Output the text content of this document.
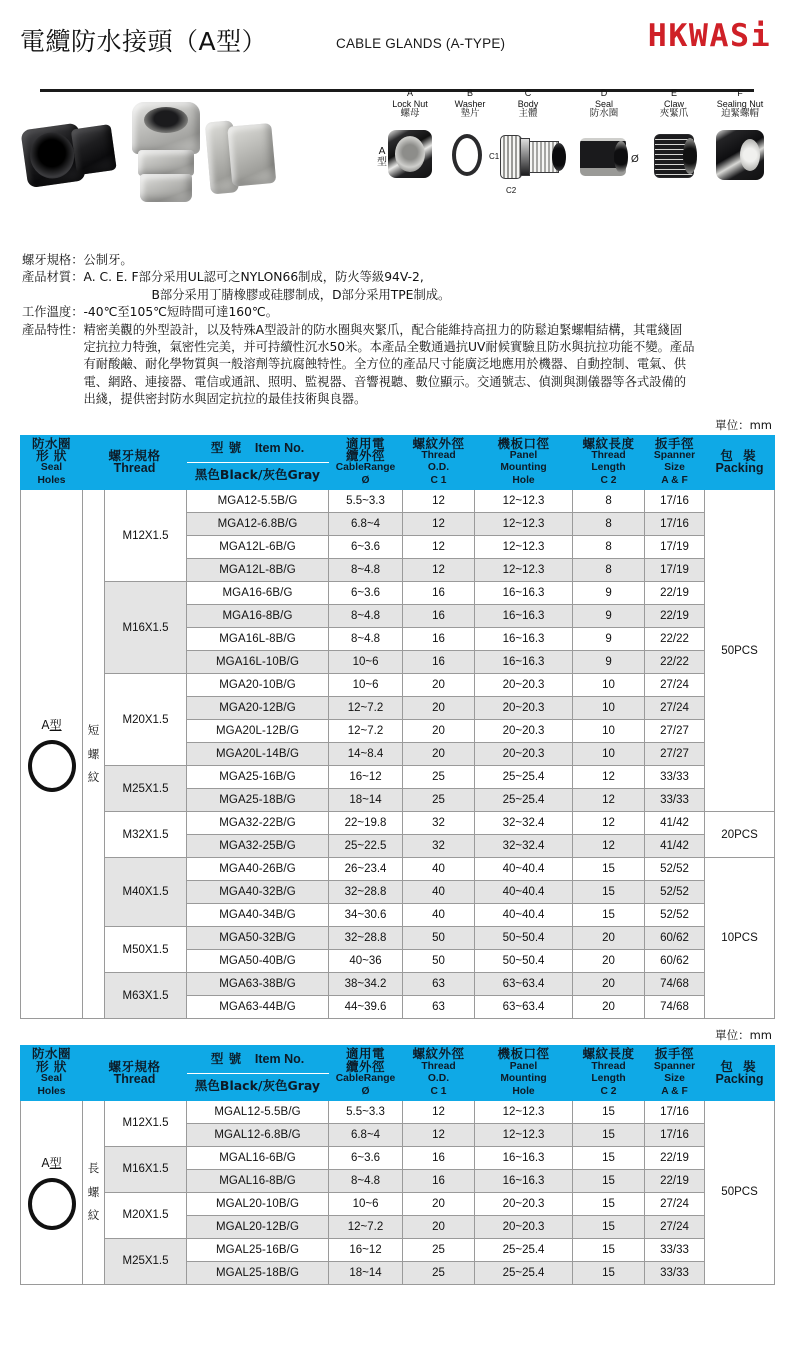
電纜防水接頭（A型）	CABLE GLANDS (A-TYPE)	HKWASi
A
型
A
Lock Nut
螺母
B
Washer
墊片
C
Body
主體
C1
C2
D
Seal
防水圈
Ø
E
Claw
夾緊爪
F
Sealing Nut
迫緊螺帽
螺牙規格：公制牙。
產品材質： A. C. E. F部分采用UL認可之NYLON66制成，防火等級94V-2,

B部分采用丁腈橡膠或硅膠制成，D部分采用TPE制成。

工作溫度：-40℃至105℃短時間可達160℃。
產品特性： 精密美觀的外型設計，以及特殊A型設計的防水圈與夾緊爪，配合能維持高扭力的防鬆迫緊螺帽結構，其電綫固

定抗拉力特強，氣密性完美，并可持續性沉水50米。本產品全數通過抗UV耐候實驗且防水與抗拉功能不變。產品

有耐酸鹼、耐化學物質與一般溶劑等抗腐蝕特性。全方位的產品尺寸能廣泛地應用於機器、自動控制、電氣、供

電、網路、連接器、電信或通訊、照明、監視器、音響視聽、數位顯示。交通號志、偵測與測儀器等各式設備的

出綫，提供密封防水與固定抗拉的最佳技術與良器。

單位：mm
防水圈
形 狀
Seal
Holes

螺牙規格
Thread
	型 號 Item No.	適用電
纜外徑
CableRange
Ø

螺紋外徑
Thread
O.D.
C 1

機板口徑
Panel
Mounting
Hole

螺紋長度
Thread
Length
C 2

扳手徑
Spanner
Size
A & F

包 裝
Packing

			黑色Black/灰色Gray						

A型	短
螺
紋	M12X1.5	MGA12-5.5B/G	5.5~3.3	12	12~12.3	8	17/16	50PCS
			MGA12-6.8B/G	6.8~4	12	12~12.3	8	17/16	
			MGA12L-6B/G	6~3.6	12	12~12.3	8	17/19	
			MGA12L-8B/G	8~4.8	12	12~12.3	8	17/19	
		M16X1.5	MGA16-6B/G	6~3.6	16	16~16.3	9	22/19	
			MGA16-8B/G	8~4.8	16	16~16.3	9	22/19	
			MGA16L-8B/G	8~4.8	16	16~16.3	9	22/22	
			MGA16L-10B/G	10~6	16	16~16.3	9	22/22	
		M20X1.5	MGA20-10B/G	10~6	20	20~20.3	10	27/24	
			MGA20-12B/G	12~7.2	20	20~20.3	10	27/24	
			MGA20L-12B/G	12~7.2	20	20~20.3	10	27/27	
			MGA20L-14B/G	14~8.4	20	20~20.3	10	27/27	
		M25X1.5	MGA25-16B/G	16~12	25	25~25.4	12	33/33	
			MGA25-18B/G	18~14	25	25~25.4	12	33/33	
		M32X1.5	MGA32-22B/G	22~19.8	32	32~32.4	12	41/42	20PCS
			MGA32-25B/G	25~22.5	32	32~32.4	12	41/42	
		M40X1.5	MGA40-26B/G	26~23.4	40	40~40.4	15	52/52	10PCS
			MGA40-32B/G	32~28.8	40	40~40.4	15	52/52	
			MGA40-34B/G	34~30.6	40	40~40.4	15	52/52	
		M50X1.5	MGA50-32B/G	32~28.8	50	50~50.4	20	60/62	
			MGA50-40B/G	40~36	50	50~50.4	20	60/62	
		M63X1.5	MGA63-38B/G	38~34.2	63	63~63.4	20	74/68	
			MGA63-44B/G	44~39.6	63	63~63.4	20	74/68	
單位：mm
防水圈
形 狀
Seal
Holes

螺牙規格
Thread
	型 號 Item No.	適用電
纜外徑
CableRange
Ø

螺紋外徑
Thread
O.D.
C 1

機板口徑
Panel
Mounting
Hole

螺紋長度
Thread
Length
C 2

扳手徑
Spanner
Size
A & F

包 裝
Packing

			黑色Black/灰色Gray						

A型	長
螺
紋	M12X1.5	MGAL12-5.5B/G	5.5~3.3	12	12~12.3	15	17/16	50PCS
			MGAL12-6.8B/G	6.8~4	12	12~12.3	15	17/16	
		M16X1.5	MGAL16-6B/G	6~3.6	16	16~16.3	15	22/19	
			MGAL16-8B/G	8~4.8	16	16~16.3	15	22/19	
		M20X1.5	MGAL20-10B/G	10~6	20	20~20.3	15	27/24	
			MGAL20-12B/G	12~7.2	20	20~20.3	15	27/24	
		M25X1.5	MGAL25-16B/G	16~12	25	25~25.4	15	33/33	
			MGAL25-18B/G	18~14	25	25~25.4	15	33/33	
